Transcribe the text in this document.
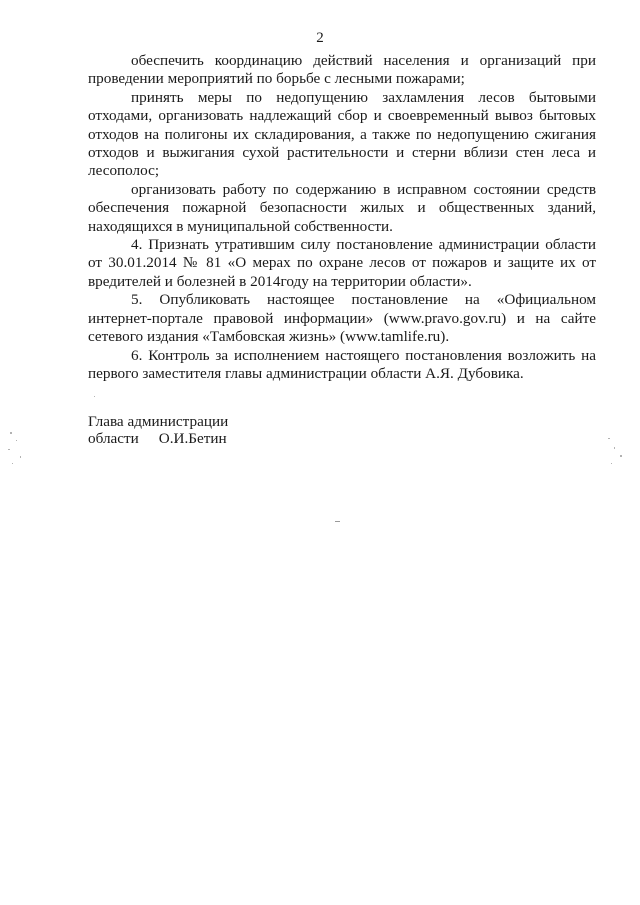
2

обеспечить координацию действий населения и организаций при проведении мероприятий по борьбе с лесными пожарами;

принять меры по недопущению захламления лесов бытовыми отходами, организовать надлежащий сбор и своевременный вывоз бытовых отходов на полигоны их складирования, а также по недопущению сжигания отходов и выжигания сухой растительности и стерни вблизи стен леса и лесополос;

организовать работу по содержанию в исправном состоянии средств обеспечения пожарной безопасности жилых и общественных зданий, находящихся в муниципальной собственности.

4. Признать утратившим силу постановление администрации области от 30.01.2014 № 81 «О мерах по охране лесов от пожаров и защите их от вредителей и болезней в 2014году на территории области».

5. Опубликовать настоящее постановление на «Официальном интернет-портале правовой информации» (www.pravo.gov.ru) и на сайте сетевого издания «Тамбовская жизнь» (www.tamlife.ru).

6. Контроль за исполнением настоящего постановления возложить на первого заместителя главы администрации области А.Я. Дубовика.

Глава администрации
области О.И.Бетин
